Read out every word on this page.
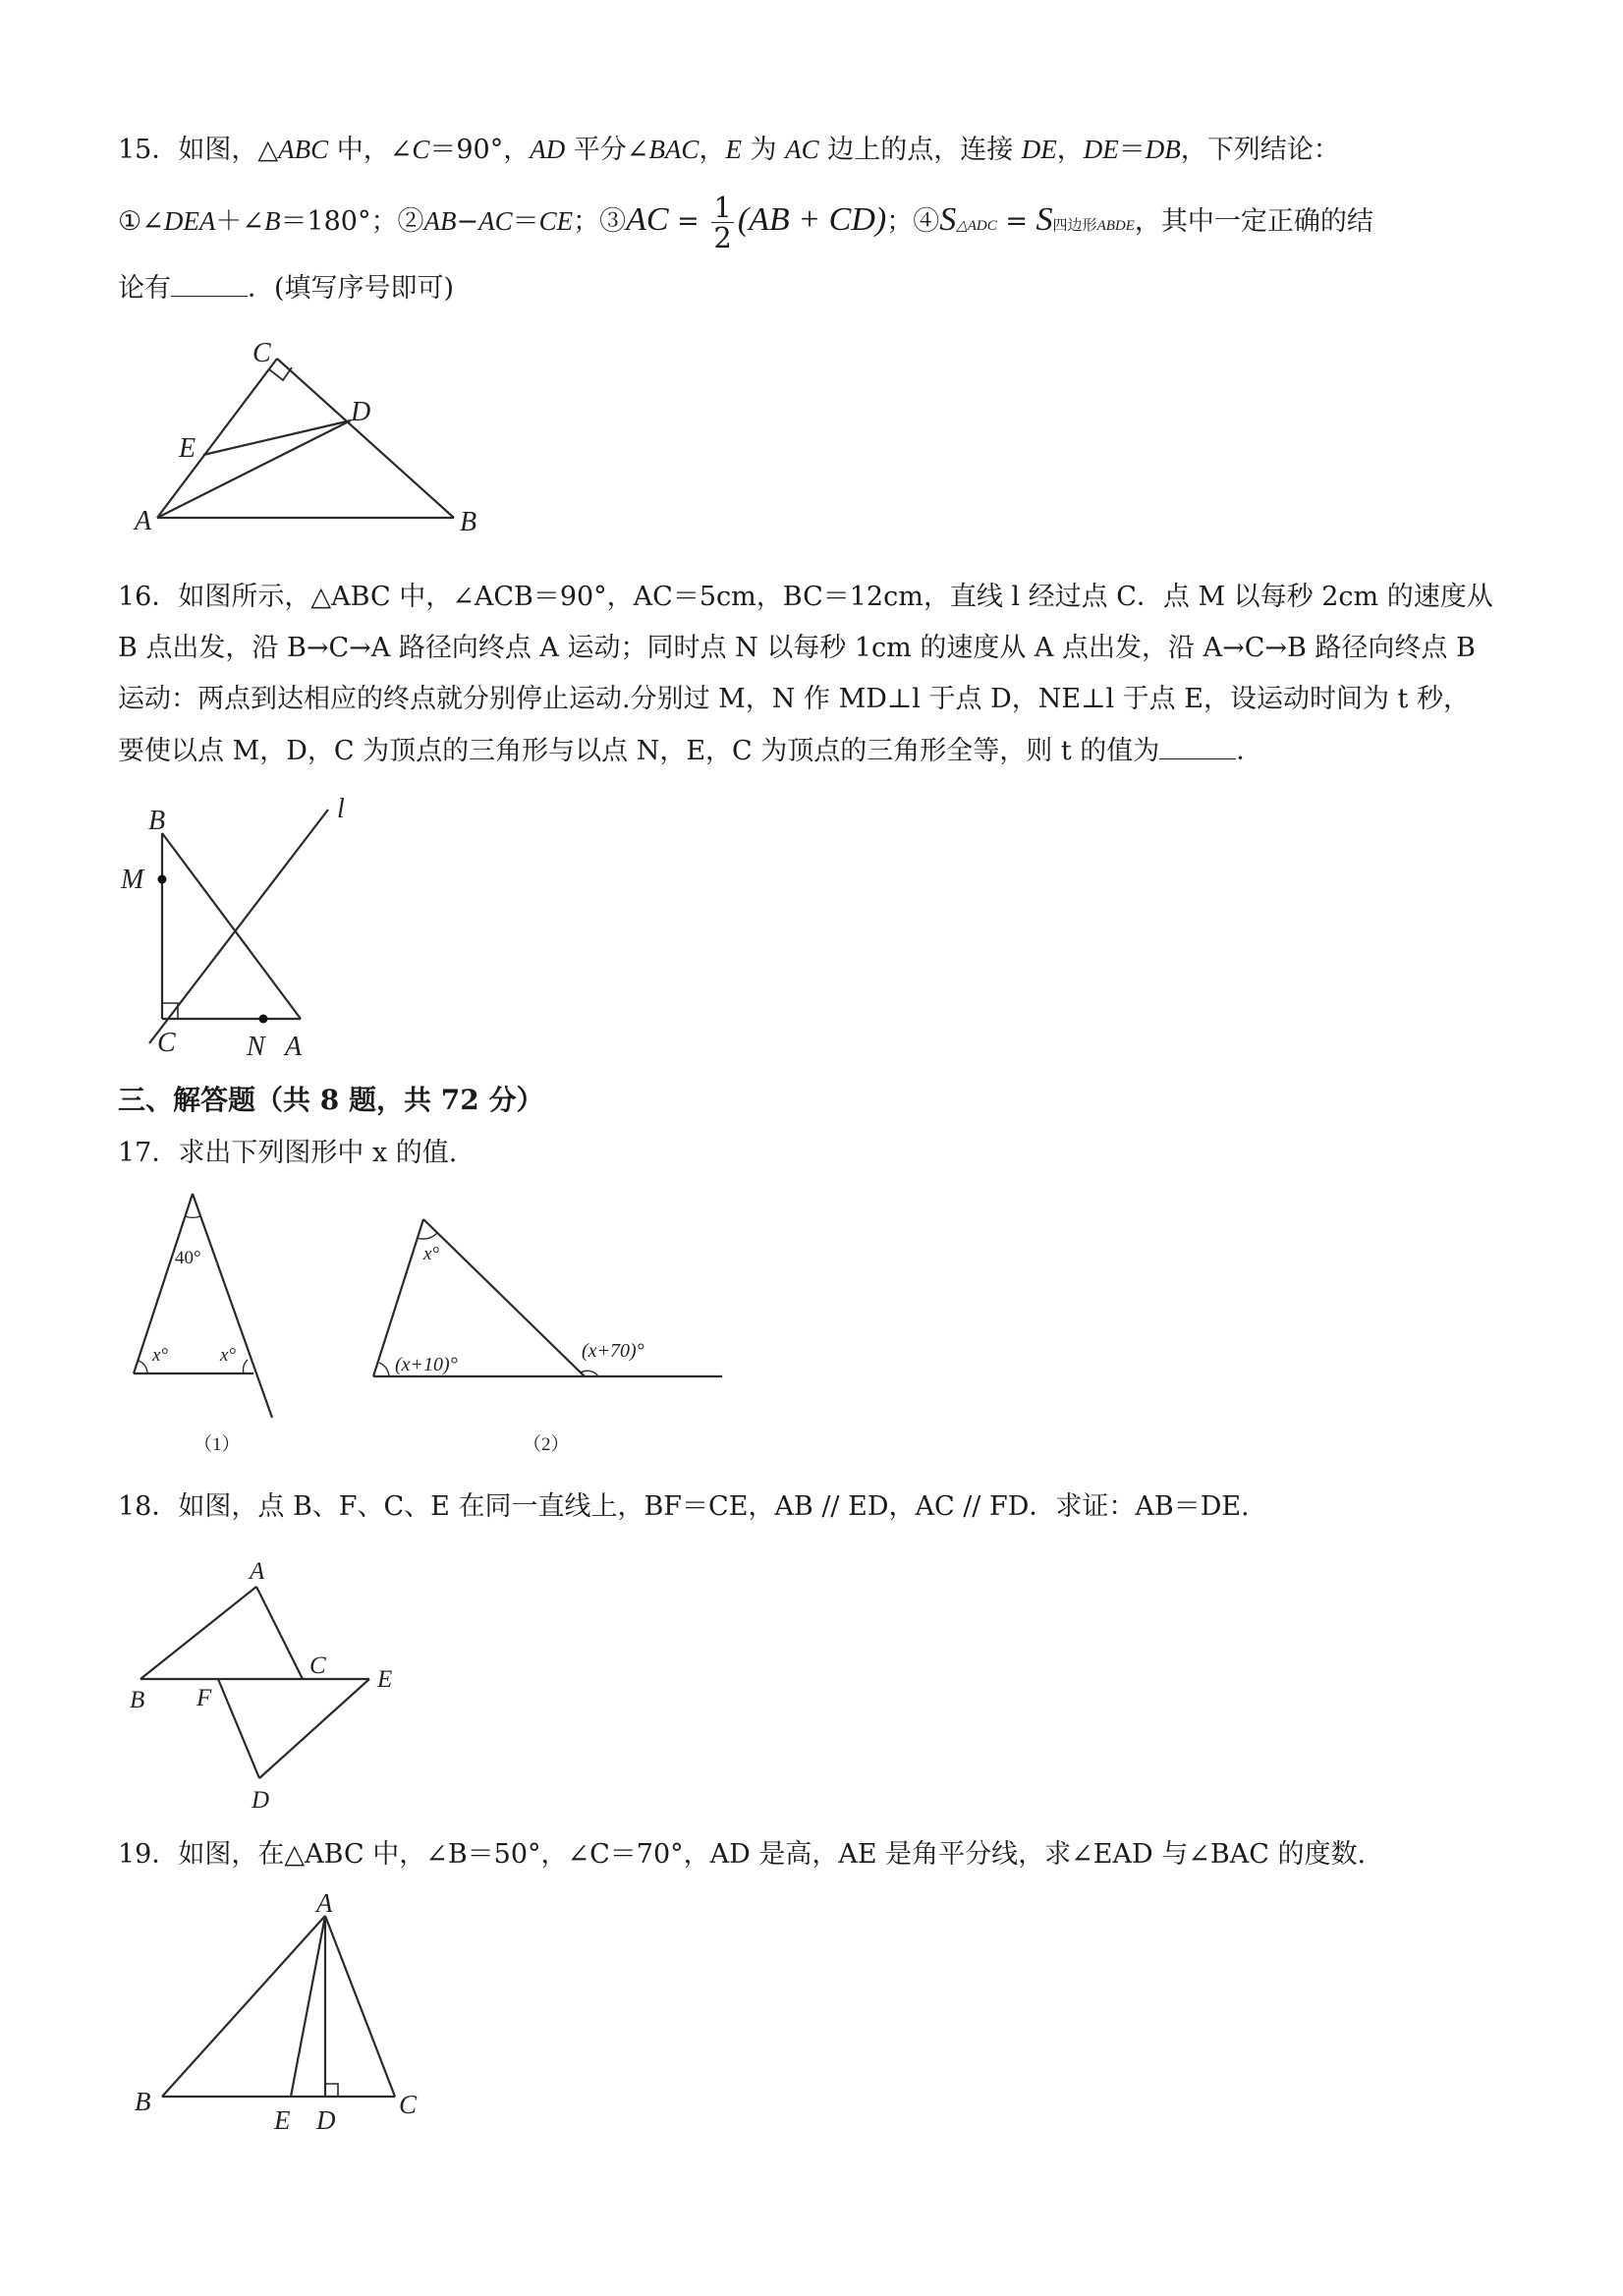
15．如图，△ABC 中，∠C＝90°，AD 平分∠BAC，E 为 AC 边上的点，连接 DE，DE＝DB，下列结论：
①∠DEA＋∠B＝180°；②AB−AC＝CE；③AC = $\frac{1}{2} (AB + CD)$；④S△ADC = S四边形ABDE，其中一定正确的结
论有	．(填写序号即可)
16．如图所示，△ABC 中，∠ACB＝90°，AC＝5cm，BC＝12cm，直线 l 经过点 C．点 M 以每秒 2cm 的速度从
B 点出发，沿 B→C→A 路径向终点 A 运动；同时点 N 以每秒 1cm 的速度从 A 点出发，沿 A→C→B 路径向终点 B
运动：两点到达相应的终点就分别停止运动.分别过 M，N 作 MD⊥l 于点 D，NE⊥l 于点 E，设运动时间为 t 秒，
要使以点 M，D，C 为顶点的三角形与以点 N，E，C 为顶点的三角形全等，则 t 的值为	．
三、解答题（共 8 题，共 72 分）
17．求出下列图形中 x 的值.
18．如图，点 B、F、C、E 在同一直线上，BF＝CE，AB // ED，AC // FD．求证：AB＝DE.
19．如图，在△ABC 中，∠B＝50°，∠C＝70°，AD 是高，AE 是角平分线，求∠EAD 与∠BAC 的度数.
C
D
E
A	B
B
M
C	N A
l
40°
x°	x°
（1）
x°
(x+10)°
(x+70)°
（2）
A
B F
C
E
D
A
B
E D
C
